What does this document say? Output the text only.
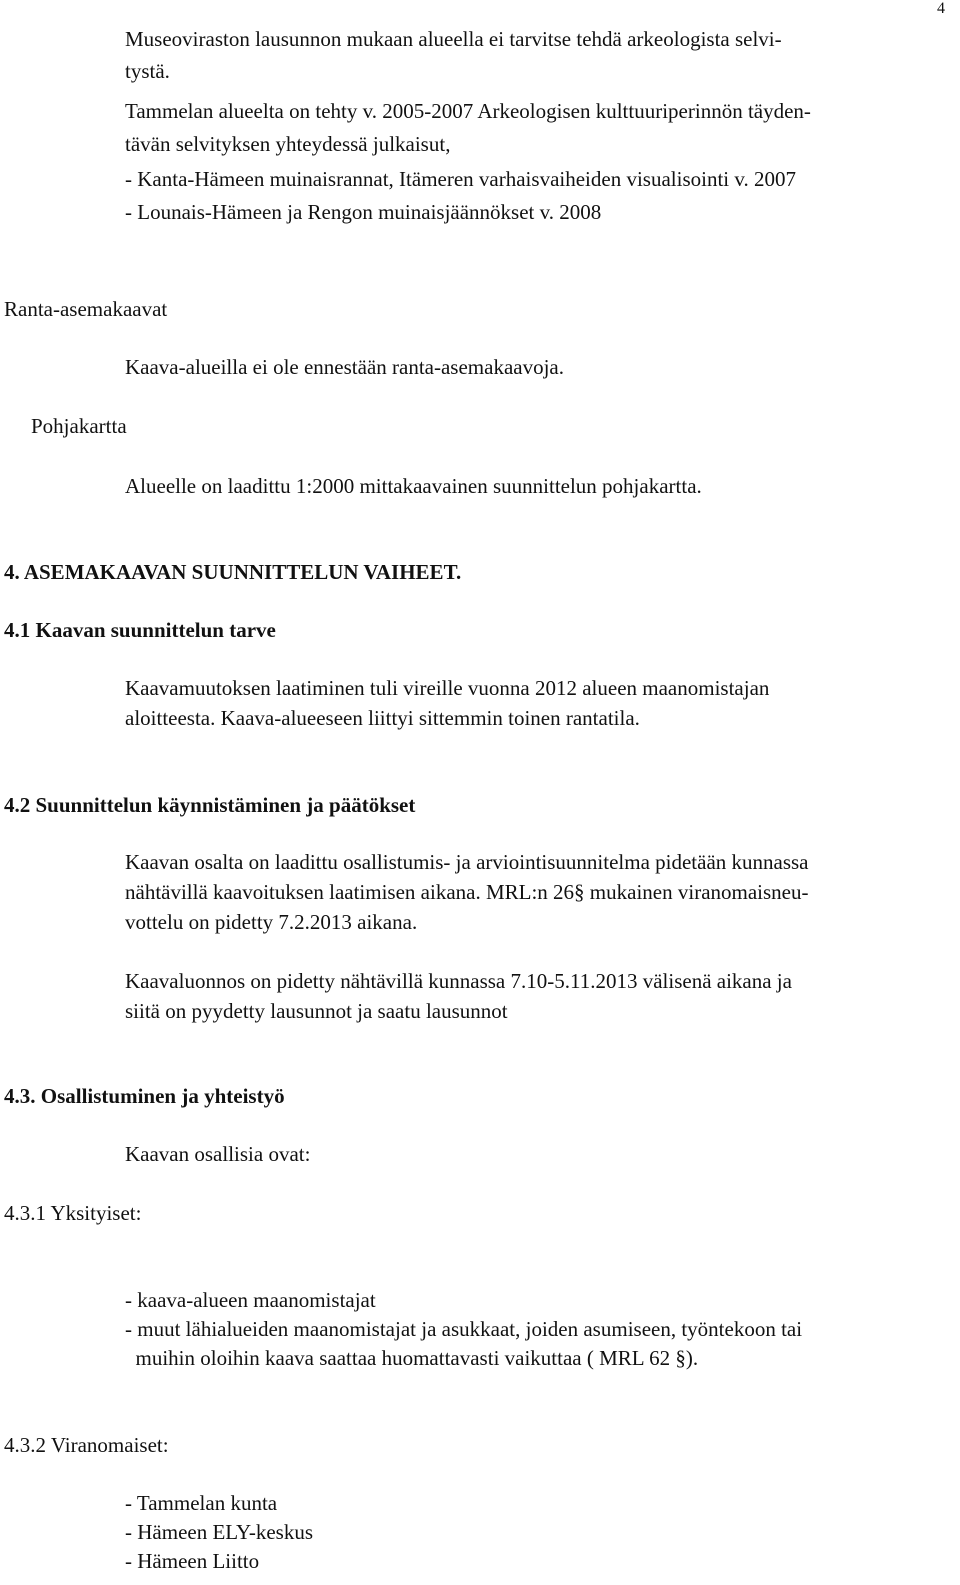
4
Museoviraston lausunnon mukaan alueella ei tarvitse tehdä arkeologista selvi-
tystä.
Tammelan alueelta on tehty v. 2005-2007 Arkeologisen kulttuuriperinnön täyden-
tävän selvityksen yhteydessä julkaisut,
- Kanta-Hämeen muinaisrannat, Itämeren varhaisvaiheiden visualisointi v. 2007
- Lounais-Hämeen ja Rengon muinaisjäännökset v. 2008
Ranta-asemakaavat
Kaava-alueilla ei ole ennestään ranta-asemakaavoja.
Pohjakartta
Alueelle on laadittu 1:2000 mittakaavainen suunnittelun pohjakartta.
4. ASEMAKAAVAN SUUNNITTELUN VAIHEET.
4.1 Kaavan suunnittelun tarve
Kaavamuutoksen laatiminen tuli vireille vuonna 2012 alueen maanomistajan
aloitteesta. Kaava-alueeseen liittyi sittemmin toinen rantatila.
4.2 Suunnittelun käynnistäminen ja päätökset
Kaavan osalta on laadittu osallistumis- ja arviointisuunnitelma pidetään kunnassa
nähtävillä kaavoituksen laatimisen aikana. MRL:n 26§ mukainen viranomaisneu-
vottelu on pidetty 7.2.2013 aikana.
Kaavaluonnos on pidetty nähtävillä kunnassa 7.10-5.11.2013 välisenä aikana ja
siitä on pyydetty lausunnot ja saatu lausunnot
4.3. Osallistuminen ja yhteistyö
Kaavan osallisia ovat:
4.3.1 Yksityiset:
- kaava-alueen maanomistajat
- muut lähialueiden maanomistajat ja asukkaat, joiden asumiseen, työntekoon tai
muihin oloihin kaava saattaa huomattavasti vaikuttaa ( MRL 62 §).
4.3.2 Viranomaiset:
- Tammelan kunta
- Hämeen ELY-keskus
- Hämeen Liitto
